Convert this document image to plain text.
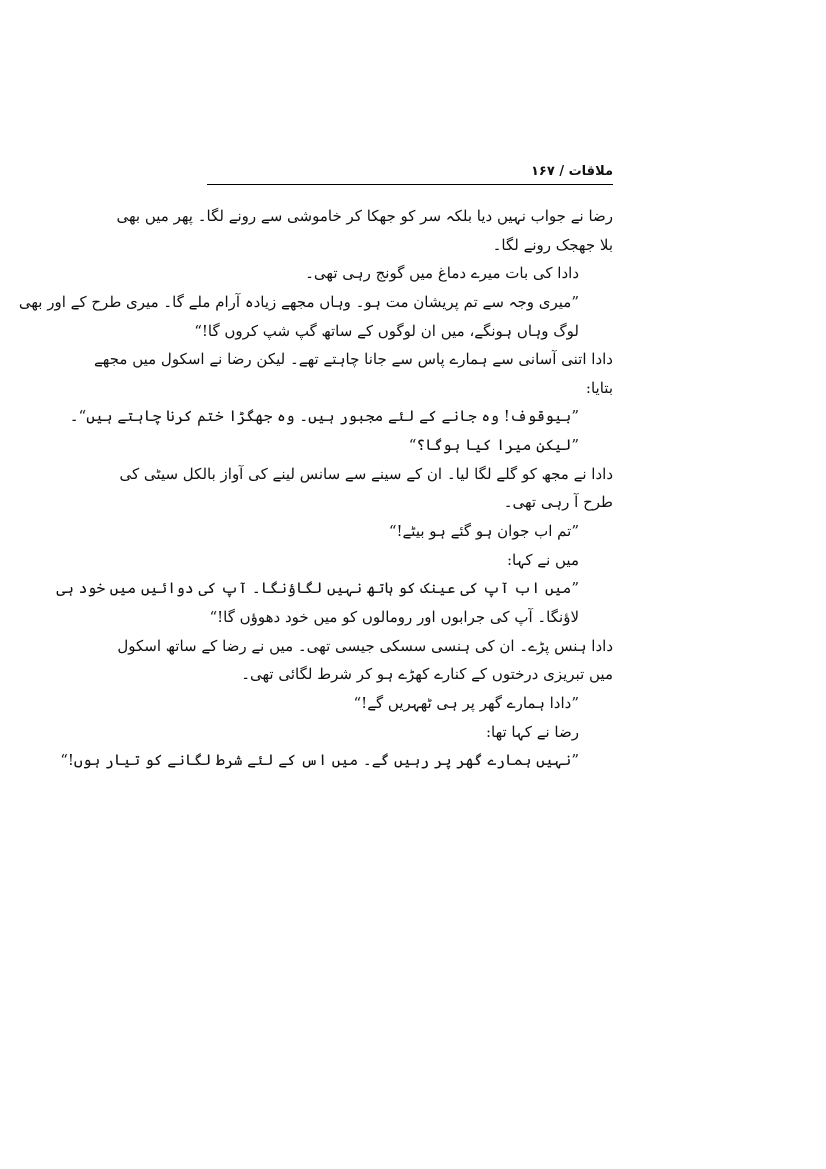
ملاقات / ۱۶۷
رضا نے جواب نہیں دیا بلکہ سر کو جھکا کر خاموشی سے رونے لگا۔ پھر میں بھی
بلا جھجک رونے لگا۔
دادا کی بات میرے دماغ میں گونج رہی تھی۔
”میری وجہ سے تم پریشان مت ہو۔ وہاں مجھے زیادہ آرام ملے گا۔ میری طرح کے اور بھی
لوگ وہاں ہونگے، میں ان لوگوں کے ساتھ گپ شپ کروں گا!“
دادا اتنی آسانی سے ہمارے پاس سے جانا چاہتے تھے۔ لیکن رضا نے اسکول میں مجھے
بتایا:
”بیوقوف! وہ جانے کے لئے مجبور ہیں۔ وہ جھگڑا ختم کرنا چاہتے ہیں“۔
”لیکن میرا کیا ہوگا؟“
دادا نے مجھ کو گلے لگا لیا۔ ان کے سینے سے سانس لینے کی آواز بالکل سیٹی کی
طرح آ رہی تھی۔
”تم اب جوان ہو گئے ہو بیٹے!“
میں نے کہا:
”میں اب آپ کی عینک کو ہاتھ نہیں لگاؤنگا۔ آپ کی دوائیں میں خود ہی
لاؤنگا۔ آپ کی جرابوں اور رومالوں کو میں خود دھوؤں گا!“
دادا ہنس پڑے۔ ان کی ہنسی سسکی جیسی تھی۔ میں نے رضا کے ساتھ اسکول
میں تبریزی درختوں کے کنارے کھڑے ہو کر شرط لگائی تھی۔
”دادا ہمارے گھر پر ہی ٹھہریں گے!“
رضا نے کہا تھا:
”نہیں ہمارے گھر پر رہیں گے۔ میں اس کے لئے شرط لگانے کو تیار ہوں!“
